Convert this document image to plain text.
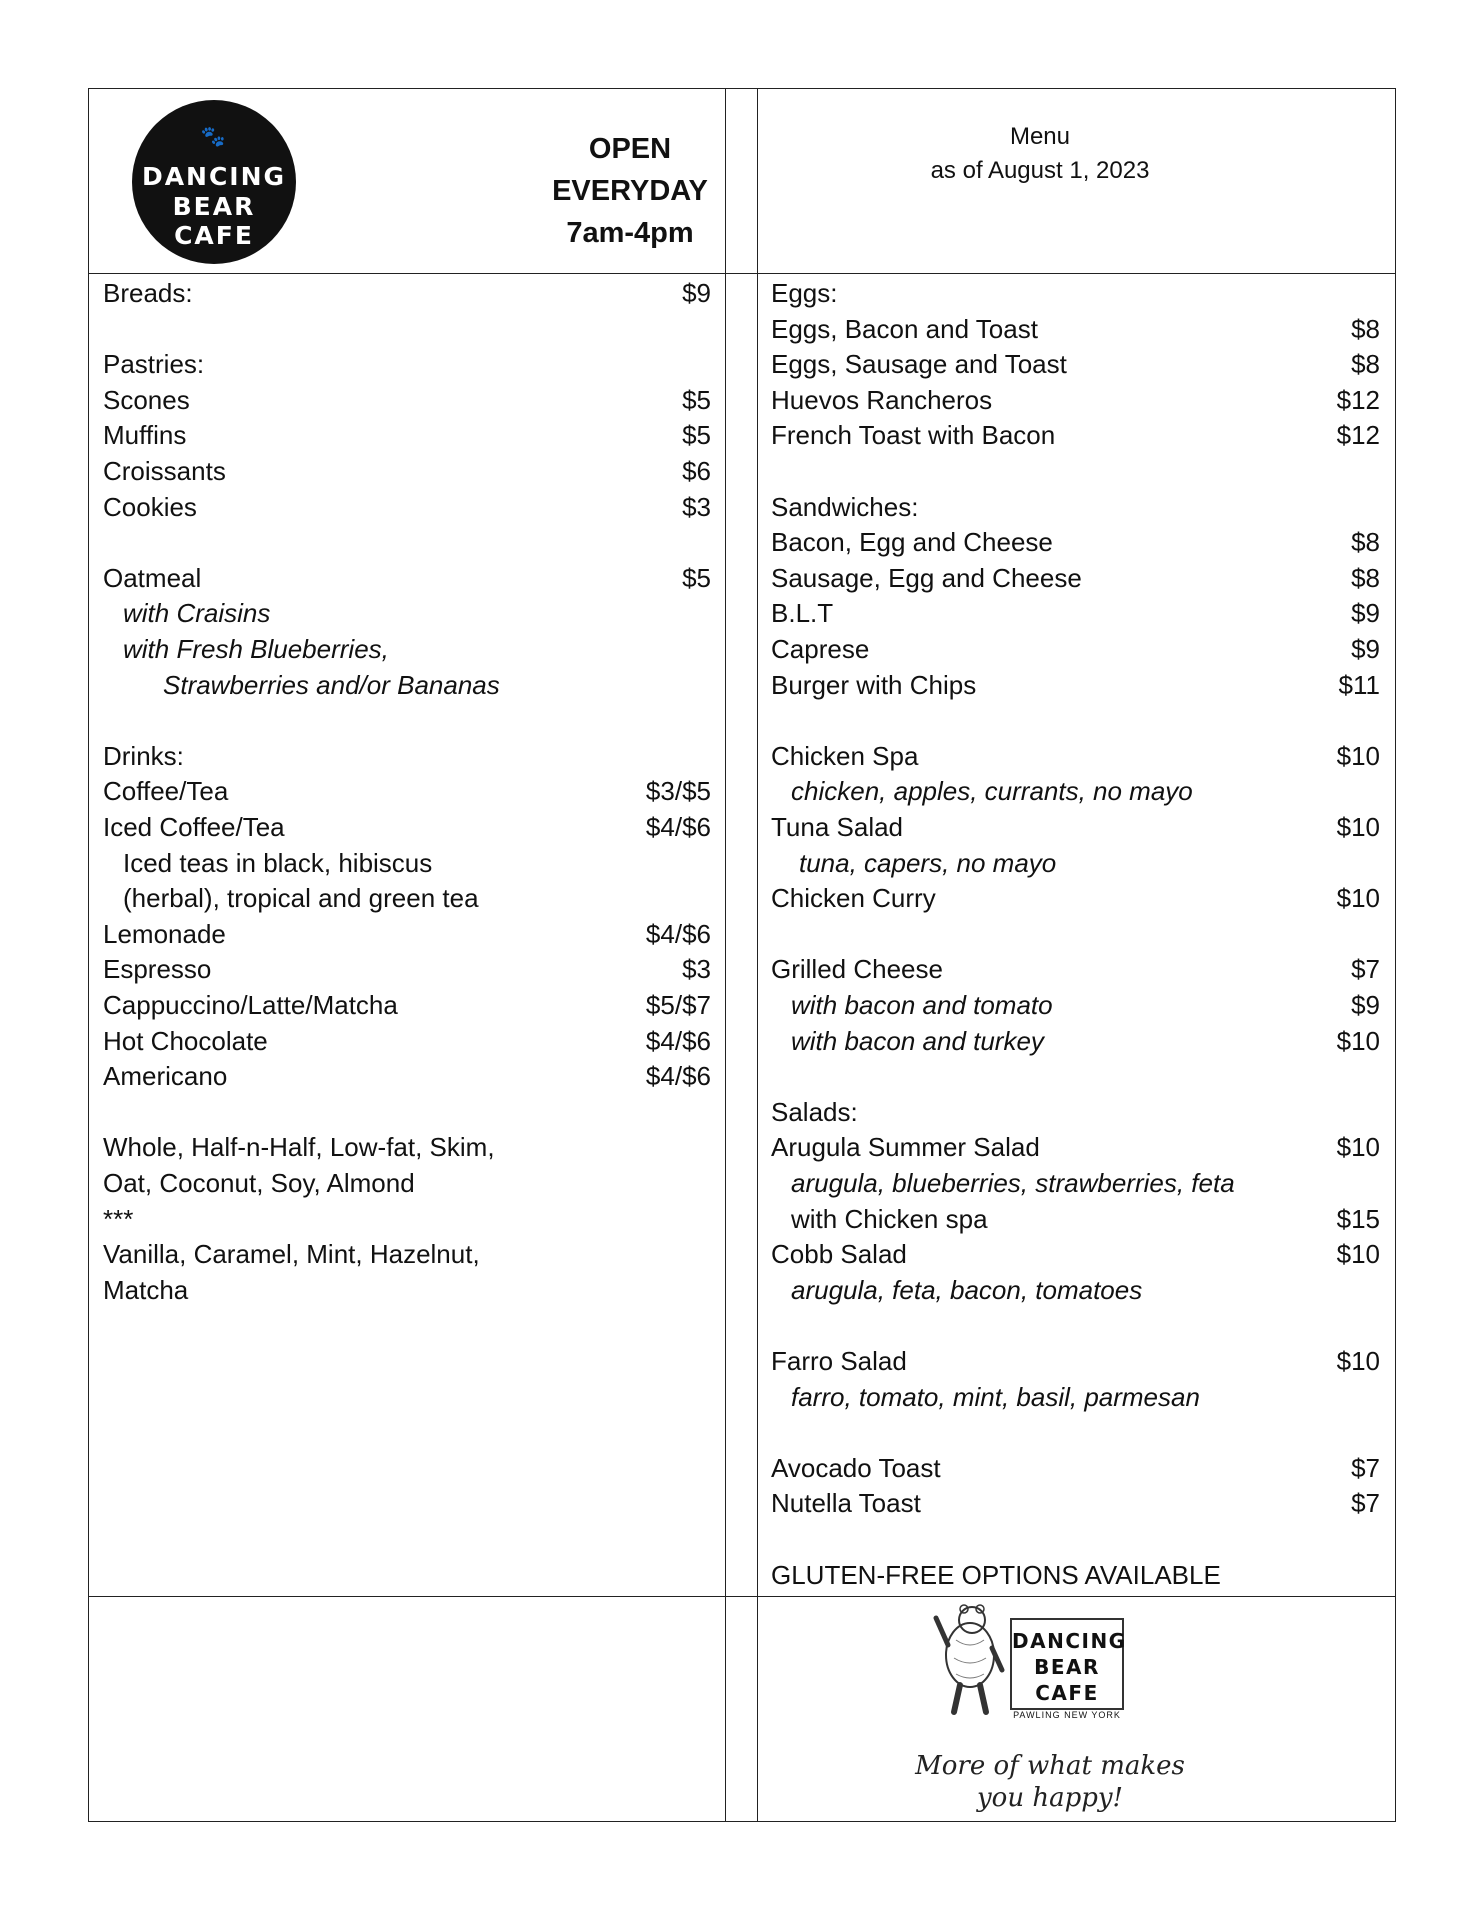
🐾
DANCING
BEAR CAFE
OPEN
EVERYDAY
7am-4pm
Menu
as of August 1, 2023
Breads:	$9
Pastries:
Scones	$5
Muffins	$5
Croissants	$6
Cookies	$3
Oatmeal	$5
with Craisins
with Fresh Blueberries,
Strawberries and/or Bananas
Drinks:
Coffee/Tea	$3/$5
Iced Coffee/Tea	$4/$6
Iced teas in black, hibiscus
(herbal), tropical and green tea
Lemonade	$4/$6
Espresso	$3
Cappuccino/Latte/Matcha	$5/$7
Hot Chocolate	$4/$6
Americano	$4/$6
Whole, Half-n-Half, Low-fat, Skim,
Oat, Coconut, Soy, Almond
***
Vanilla, Caramel, Mint, Hazelnut,
Matcha
Eggs:
Eggs, Bacon and Toast	$8
Eggs, Sausage and Toast	$8
Huevos Rancheros	$12
French Toast with Bacon	$12
Sandwiches:
Bacon, Egg and Cheese	$8
Sausage, Egg and Cheese	$8
B.L.T	$9
Caprese	$9
Burger with Chips	$11
Chicken Spa	$10
chicken, apples, currants, no mayo
Tuna Salad	$10
tuna, capers, no mayo
Chicken Curry	$10
Grilled Cheese	$7
with bacon and tomato	$9
with bacon and turkey	$10
Salads:
Arugula Summer Salad	$10
arugula, blueberries, strawberries, feta
with Chicken spa	$15
Cobb Salad	$10
arugula, feta, bacon, tomatoes
Farro Salad	$10
farro, tomato, mint, basil, parmesan
Avocado Toast	$7
Nutella Toast	$7
GLUTEN-FREE OPTIONS AVAILABLE
DANCING
BEAR CAFE
PAWLING NEW YORK
More of what makes
you happy!
